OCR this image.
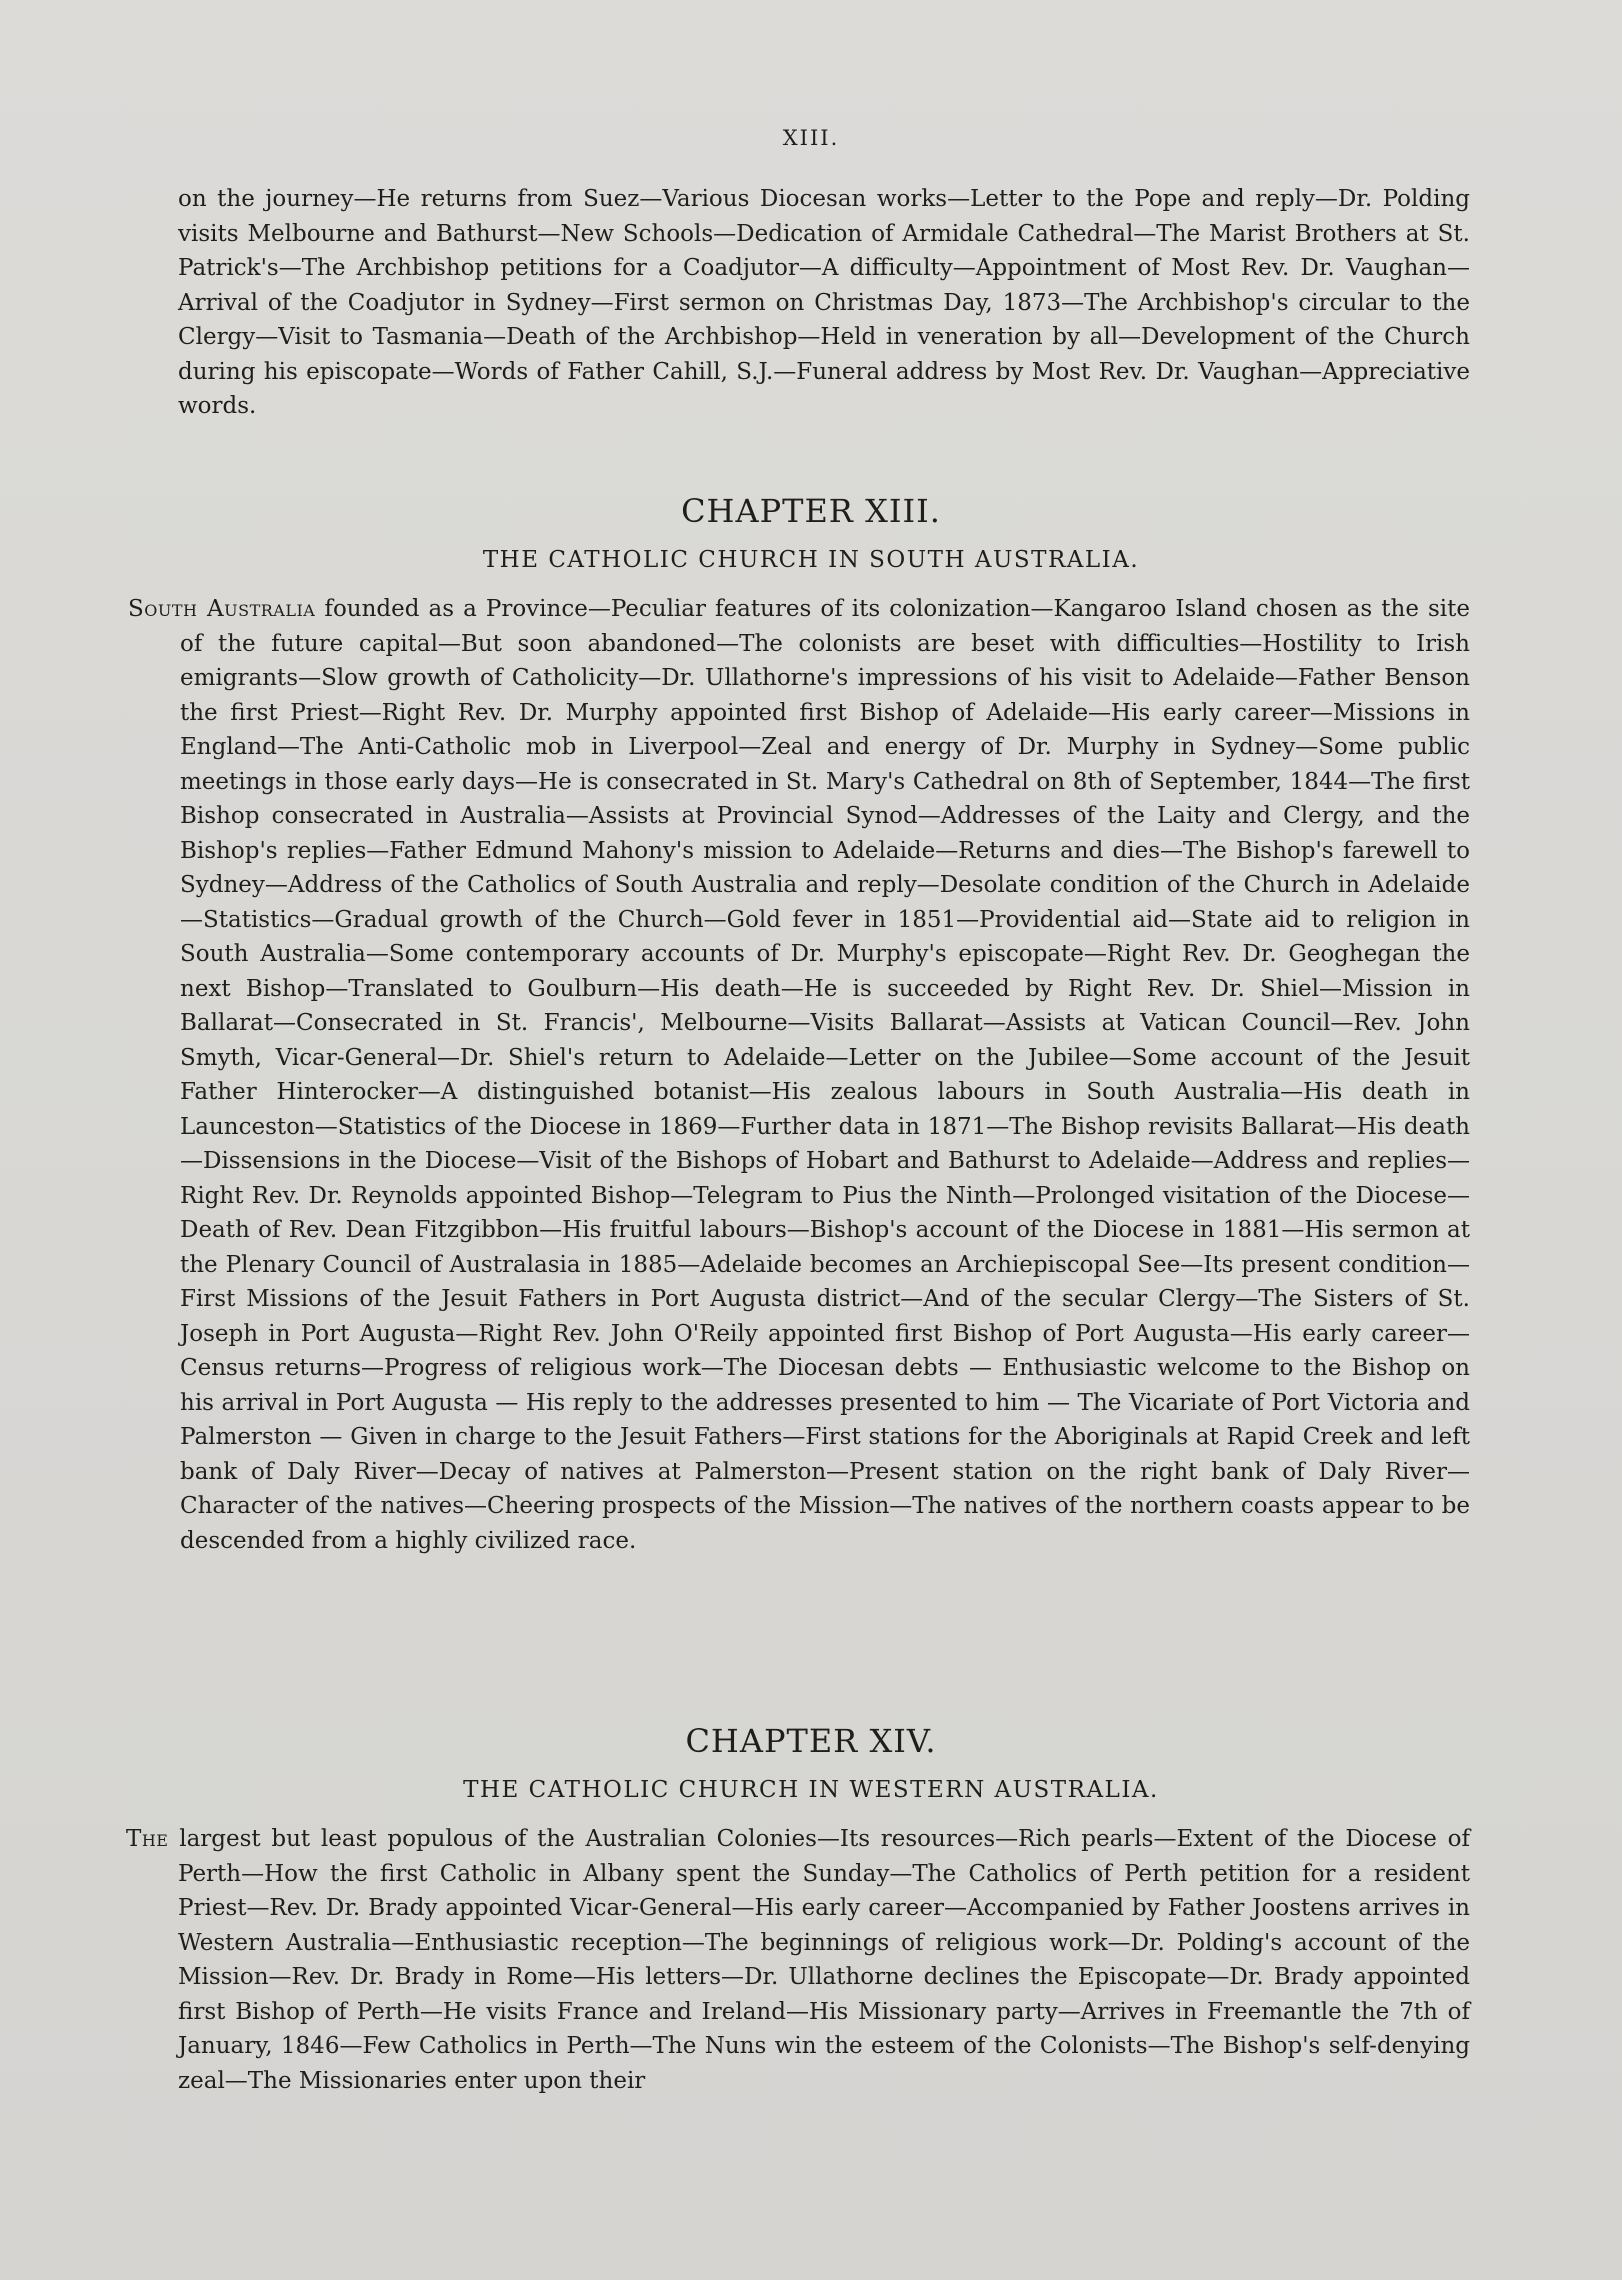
XIII.

on the journey—He returns from Suez—Various Diocesan works—Letter to the Pope and reply—Dr. Polding visits Melbourne and Bathurst—New Schools—Dedication of Armidale Cathedral—The Marist Brothers at St. Patrick's—The Archbishop petitions for a Coadjutor—A difficulty—Appointment of Most Rev. Dr. Vaughan—Arrival of the Coadjutor in Sydney—First sermon on Christmas Day, 1873—The Archbishop's circular to the Clergy—Visit to Tasmania—Death of the Archbishop—Held in veneration by all—Development of the Church during his episcopate—Words of Father Cahill, S.J.—Funeral address by Most Rev. Dr. Vaughan—Appreciative words.

CHAPTER XIII.
THE CATHOLIC CHURCH IN SOUTH AUSTRALIA.

South Australia founded as a Province—Peculiar features of its colonization—Kangaroo Island chosen as the site of the future capital—But soon abandoned—The colonists are beset with difficulties—Hostility to Irish emigrants—Slow growth of Catholicity—Dr. Ullathorne's impressions of his visit to Adelaide—Father Benson the first Priest—Right Rev. Dr. Murphy appointed first Bishop of Adelaide—His early career—Missions in England—The Anti-Catholic mob in Liverpool—Zeal and energy of Dr. Murphy in Sydney—Some public meetings in those early days—He is consecrated in St. Mary's Cathedral on 8th of September, 1844—The first Bishop consecrated in Australia—Assists at Provincial Synod—Addresses of the Laity and Clergy, and the Bishop's replies—Father Edmund Mahony's mission to Adelaide—Returns and dies—The Bishop's farewell to Sydney—Address of the Catholics of South Australia and reply—Desolate condition of the Church in Adelaide—Statistics—Gradual growth of the Church—Gold fever in 1851—Providential aid—State aid to religion in South Australia—Some contemporary accounts of Dr. Murphy's episcopate—Right Rev. Dr. Geoghegan the next Bishop—Translated to Goulburn—His death—He is succeeded by Right Rev. Dr. Shiel—Mission in Ballarat—Consecrated in St. Francis', Melbourne—Visits Ballarat—Assists at Vatican Council—Rev. John Smyth, Vicar-General—Dr. Shiel's return to Adelaide—Letter on the Jubilee—Some account of the Jesuit Father Hinterocker—A distinguished botanist—His zealous labours in South Australia—His death in Launceston—Statistics of the Diocese in 1869—Further data in 1871—The Bishop revisits Ballarat—His death—Dissensions in the Diocese—Visit of the Bishops of Hobart and Bathurst to Adelaide—Address and replies—Right Rev. Dr. Reynolds appointed Bishop—Telegram to Pius the Ninth—Prolonged visitation of the Diocese—Death of Rev. Dean Fitzgibbon—His fruitful labours—Bishop's account of the Diocese in 1881—His sermon at the Plenary Council of Australasia in 1885—Adelaide becomes an Archiepiscopal See—Its present condition—First Missions of the Jesuit Fathers in Port Augusta district—And of the secular Clergy—The Sisters of St. Joseph in Port Augusta—Right Rev. John O'Reily appointed first Bishop of Port Augusta—His early career—Census returns—Progress of religious work—The Diocesan debts — Enthusiastic welcome to the Bishop on his arrival in Port Augusta — His reply to the addresses presented to him — The Vicariate of Port Victoria and Palmerston — Given in charge to the Jesuit Fathers—First stations for the Aboriginals at Rapid Creek and left bank of Daly River—Decay of natives at Palmerston—Present station on the right bank of Daly River—Character of the natives—Cheering prospects of the Mission—The natives of the northern coasts appear to be descended from a highly civilized race.

CHAPTER XIV.
THE CATHOLIC CHURCH IN WESTERN AUSTRALIA.

The largest but least populous of the Australian Colonies—Its resources—Rich pearls—Extent of the Diocese of Perth—How the first Catholic in Albany spent the Sunday—The Catholics of Perth petition for a resident Priest—Rev. Dr. Brady appointed Vicar-General—His early career—Accompanied by Father Joostens arrives in Western Australia—Enthusiastic reception—The beginnings of religious work—Dr. Polding's account of the Mission—Rev. Dr. Brady in Rome—His letters—Dr. Ullathorne declines the Episcopate—Dr. Brady appointed first Bishop of Perth—He visits France and Ireland—His Missionary party—Arrives in Freemantle the 7th of January, 1846—Few Catholics in Perth—The Nuns win the esteem of the Colonists—The Bishop's self-denying zeal—The Missionaries enter upon their
